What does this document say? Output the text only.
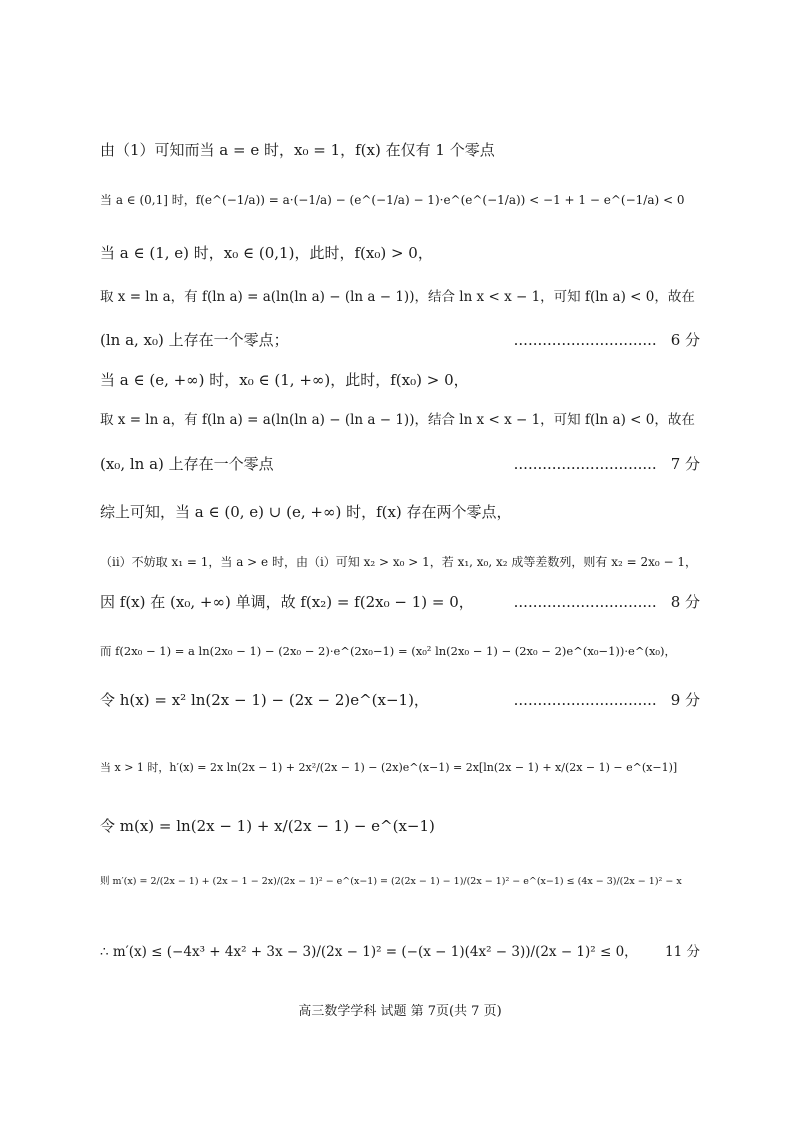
由（1）可知而当 a = e 时，x₀ = 1，f(x) 在仅有 1 个零点
当 a ∈ (0,1] 时，f(e^(−1/a)) = a·(−1/a) − (e^(−1/a) − 1)·e^(e^(−1/a)) < −1 + 1 − e^(−1/a) < 0
当 a ∈ (1, e) 时，x₀ ∈ (0,1)，此时，f(x₀) > 0，
取 x = ln a，有 f(ln a) = a(ln(ln a) − (ln a − 1))，结合 ln x < x − 1，可知 f(ln a) < 0，故在
(ln a, x₀) 上存在一个零点；	.............................. 6 分
当 a ∈ (e, +∞) 时，x₀ ∈ (1, +∞)，此时，f(x₀) > 0，
取 x = ln a，有 f(ln a) = a(ln(ln a) − (ln a − 1))，结合 ln x < x − 1，可知 f(ln a) < 0，故在
(x₀, ln a) 上存在一个零点	.............................. 7 分
综上可知，当 a ∈ (0, e) ∪ (e, +∞) 时，f(x) 存在两个零点，
（ii）不妨取 x₁ = 1，当 a > e 时，由（i）可知 x₂ > x₀ > 1，若 x₁, x₀, x₂ 成等差数列，则有 x₂ = 2x₀ − 1，
因 f(x) 在 (x₀, +∞) 单调，故 f(x₂) = f(2x₀ − 1) = 0，	.............................. 8 分
而 f(2x₀ − 1) = a ln(2x₀ − 1) − (2x₀ − 2)·e^(2x₀−1) = (x₀² ln(2x₀ − 1) − (2x₀ − 2)e^(x₀−1))·e^(x₀)，
令 h(x) = x² ln(2x − 1) − (2x − 2)e^(x−1)，	.............................. 9 分
当 x > 1 时，h′(x) = 2x ln(2x − 1) + 2x²/(2x − 1) − (2x)e^(x−1) = 2x[ln(2x − 1) + x/(2x − 1) − e^(x−1)]
令 m(x) = ln(2x − 1) + x/(2x − 1) − e^(x−1)
则 m′(x) = 2/(2x − 1) + (2x − 1 − 2x)/(2x − 1)² − e^(x−1) = (2(2x − 1) − 1)/(2x − 1)² − e^(x−1) ≤ (4x − 3)/(2x − 1)² − x
∴ m′(x) ≤ (−4x³ + 4x² + 3x − 3)/(2x − 1)² = (−(x − 1)(4x² − 3))/(2x − 1)² ≤ 0， 11 分
高三数学学科 试题 第 7页(共 7 页)
